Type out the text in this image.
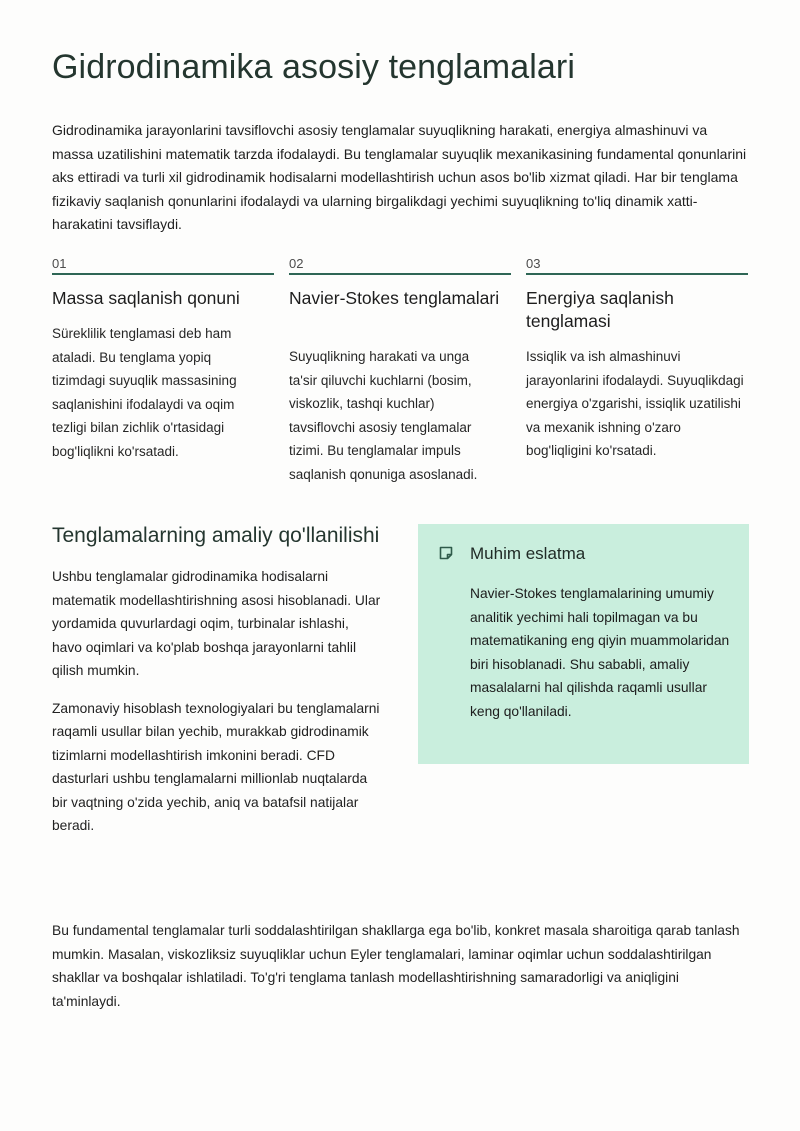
Gidrodinamika asosiy tenglamalari

Gidrodinamika jarayonlarini tavsiflovchi asosiy tenglamalar suyuqlikning harakati, energiya almashinuvi va massa uzatilishini matematik tarzda ifodalaydi. Bu tenglamalar suyuqlik mexanikasining fundamental qonunlarini aks ettiradi va turli xil gidrodinamik hodisalarni modellashtirish uchun asos bo'lib xizmat qiladi. Har bir tenglama fizikaviy saqlanish qonunlarini ifodalaydi va ularning birgalikdagi yechimi suyuqlikning to'liq dinamik xatti-harakatini tavsiflaydi.

01
Massa saqlanish qonuni

Süreklilik tenglamasi deb ham ataladi. Bu tenglama yopiq tizimdagi suyuqlik massasining saqlanishini ifodalaydi va oqim tezligi bilan zichlik o'rtasidagi bog'liqlikni ko'rsatadi.

02
Navier-Stokes tenglamalari

Suyuqlikning harakati va unga ta'sir qiluvchi kuchlarni (bosim, viskozlik, tashqi kuchlar) tavsiflovchi asosiy tenglamalar tizimi. Bu tenglamalar impuls saqlanish qonuniga asoslanadi.

03
Energiya saqlanish tenglamasi

Issiqlik va ish almashinuvi jarayonlarini ifodalaydi. Suyuqlikdagi energiya o'zgarishi, issiqlik uzatilishi va mexanik ishning o'zaro bog'liqligini ko'rsatadi.

Tenglamalarning amaliy qo'llanilishi

Ushbu tenglamalar gidrodinamika hodisalarni matematik modellashtirishning asosi hisoblanadi. Ular yordamida quvurlardagi oqim, turbinalar ishlashi, havo oqimlari va ko'plab boshqa jarayonlarni tahlil qilish mumkin.

Zamonaviy hisoblash texnologiyalari bu tenglamalarni raqamli usullar bilan yechib, murakkab gidrodinamik tizimlarni modellashtirish imkonini beradi. CFD dasturlari ushbu tenglamalarni millionlab nuqtalarda bir vaqtning o'zida yechib, aniq va batafsil natijalar beradi.

Muhim eslatma

Navier-Stokes tenglamalarining umumiy analitik yechimi hali topilmagan va bu matematikaning eng qiyin muammolaridan biri hisoblanadi. Shu sababli, amaliy masalalarni hal qilishda raqamli usullar keng qo'llaniladi.

Bu fundamental tenglamalar turli soddalashtirilgan shakllarga ega bo'lib, konkret masala sharoitiga qarab tanlash mumkin. Masalan, viskozliksiz suyuqliklar uchun Eyler tenglamalari, laminar oqimlar uchun soddalashtirilgan shakllar va boshqalar ishlatiladi. To'g'ri tenglama tanlash modellashtirishning samaradorligi va aniqligini ta'minlaydi.
